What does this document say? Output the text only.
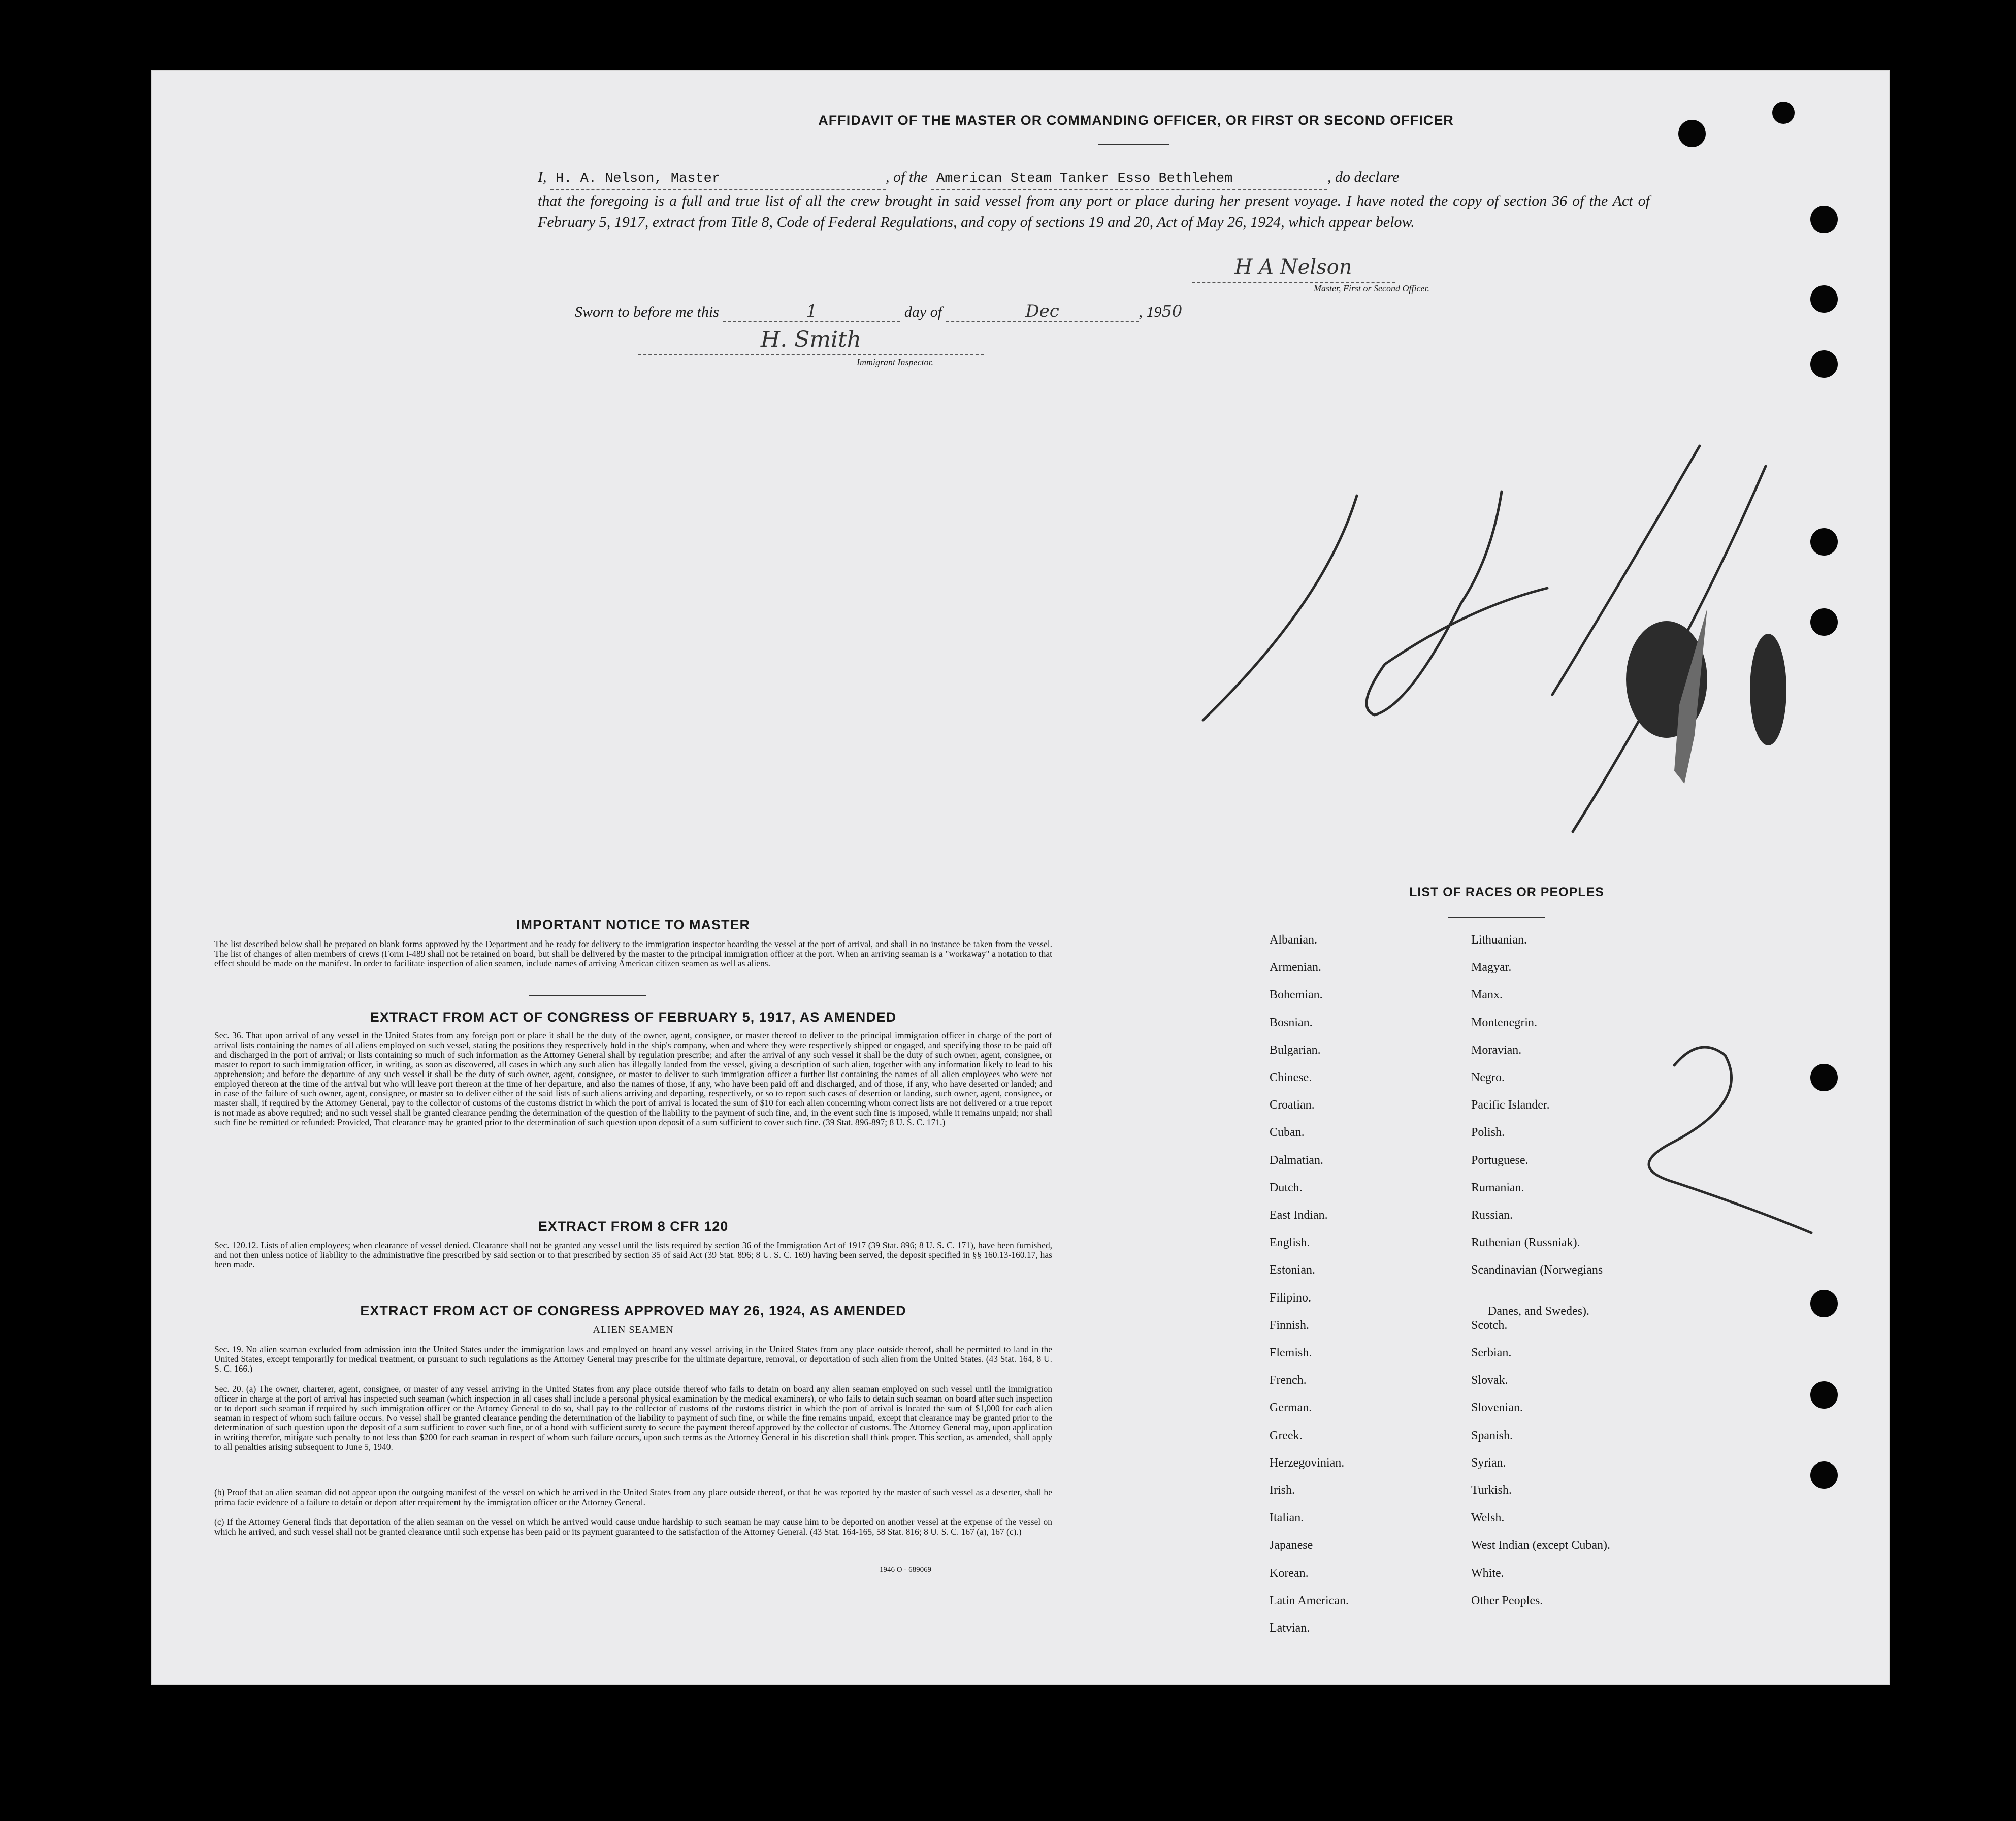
AFFIDAVIT OF THE MASTER OR COMMANDING OFFICER, OR FIRST OR SECOND OFFICER
I, H. A. Nelson, Master	, of the American Steam Tanker Esso Bethlehem	, do declare
that the foregoing is a full and true list of all the crew brought in said vessel from any port or place during her present voyage. I have noted the copy of section 36 of the Act of February 5, 1917, extract from Title 8, Code of Federal Regulations, and copy of sections 19 and 20, Act of May 26, 1924, which appear below.
H A Nelson
Master, First or Second Officer.
Sworn to before me this	1	day of	Dec	, 1950
H. Smith
Immigrant Inspector.
IMPORTANT NOTICE TO MASTER
The list described below shall be prepared on blank forms approved by the Department and be ready for delivery to the immigration inspector boarding the vessel at the port of arrival, and shall in no instance be taken from the vessel. The list of changes of alien members of crews (Form I-489 shall not be retained on board, but shall be delivered by the master to the principal immigration officer at the port. When an arriving seaman is a "workaway" a notation to that effect should be made on the manifest. In order to facilitate inspection of alien seamen, include names of arriving American citizen seamen as well as aliens.
EXTRACT FROM ACT OF CONGRESS OF FEBRUARY 5, 1917, AS AMENDED
Sec. 36. That upon arrival of any vessel in the United States from any foreign port or place it shall be the duty of the owner, agent, consignee, or master thereof to deliver to the principal immigration officer in charge of the port of arrival lists containing the names of all aliens employed on such vessel, stating the positions they respectively hold in the ship's company, when and where they were respectively shipped or engaged, and specifying those to be paid off and discharged in the port of arrival; or lists containing so much of such information as the Attorney General shall by regulation prescribe; and after the arrival of any such vessel it shall be the duty of such owner, agent, consignee, or master to report to such immigration officer, in writing, as soon as discovered, all cases in which any such alien has illegally landed from the vessel, giving a description of such alien, together with any information likely to lead to his apprehension; and before the departure of any such vessel it shall be the duty of such owner, agent, consignee, or master to deliver to such immigration officer a further list containing the names of all alien employees who were not employed thereon at the time of the arrival but who will leave port thereon at the time of her departure, and also the names of those, if any, who have been paid off and discharged, and of those, if any, who have deserted or landed; and in case of the failure of such owner, agent, consignee, or master so to deliver either of the said lists of such aliens arriving and departing, respectively, or so to report such cases of desertion or landing, such owner, agent, consignee, or master shall, if required by the Attorney General, pay to the collector of customs of the customs district in which the port of arrival is located the sum of $10 for each alien concerning whom correct lists are not delivered or a true report is not made as above required; and no such vessel shall be granted clearance pending the determination of the question of the liability to the payment of such fine, and, in the event such fine is imposed, while it remains unpaid; nor shall such fine be remitted or refunded: Provided, That clearance may be granted prior to the determination of such question upon deposit of a sum sufficient to cover such fine. (39 Stat. 896-897; 8 U. S. C. 171.)
EXTRACT FROM 8 CFR 120
Sec. 120.12. Lists of alien employees; when clearance of vessel denied. Clearance shall not be granted any vessel until the lists required by section 36 of the Immigration Act of 1917 (39 Stat. 896; 8 U. S. C. 171), have been furnished, and not then unless notice of liability to the administrative fine prescribed by said section or to that prescribed by section 35 of said Act (39 Stat. 896; 8 U. S. C. 169) having been served, the deposit specified in §§ 160.13-160.17, has been made.
EXTRACT FROM ACT OF CONGRESS APPROVED MAY 26, 1924, AS AMENDED
ALIEN SEAMEN
Sec. 19. No alien seaman excluded from admission into the United States under the immigration laws and employed on board any vessel arriving in the United States from any place outside thereof, shall be permitted to land in the United States, except temporarily for medical treatment, or pursuant to such regulations as the Attorney General may prescribe for the ultimate departure, removal, or deportation of such alien from the United States. (43 Stat. 164, 8 U. S. C. 166.)
Sec. 20. (a) The owner, charterer, agent, consignee, or master of any vessel arriving in the United States from any place outside thereof who fails to detain on board any alien seaman employed on such vessel until the immigration officer in charge at the port of arrival has inspected such seaman (which inspection in all cases shall include a personal physical examination by the medical examiners), or who fails to detain such seaman on board after such inspection or to deport such seaman if required by such immigration officer or the Attorney General to do so, shall pay to the collector of customs of the customs district in which the port of arrival is located the sum of $1,000 for each alien seaman in respect of whom such failure occurs. No vessel shall be granted clearance pending the determination of the liability to payment of such fine, or while the fine remains unpaid, except that clearance may be granted prior to the determination of such question upon the deposit of a sum sufficient to cover such fine, or of a bond with sufficient surety to secure the payment thereof approved by the collector of customs. The Attorney General may, upon application in writing therefor, mitigate such penalty to not less than $200 for each seaman in respect of whom such failure occurs, upon such terms as the Attorney General in his discretion shall think proper. This section, as amended, shall apply to all penalties arising subsequent to June 5, 1940.
(b) Proof that an alien seaman did not appear upon the outgoing manifest of the vessel on which he arrived in the United States from any place outside thereof, or that he was reported by the master of such vessel as a deserter, shall be prima facie evidence of a failure to detain or deport after requirement by the immigration officer or the Attorney General.
(c) If the Attorney General finds that deportation of the alien seaman on the vessel on which he arrived would cause undue hardship to such seaman he may cause him to be deported on another vessel at the expense of the vessel on which he arrived, and such vessel shall not be granted clearance until such expense has been paid or its payment guaranteed to the satisfaction of the Attorney General. (43 Stat. 164-165, 58 Stat. 816; 8 U. S. C. 167 (a), 167 (c).)
1946 O - 689069
LIST OF RACES OR PEOPLES
Albanian.
Armenian.
Bohemian.
Bosnian.
Bulgarian.
Chinese.
Croatian.
Cuban.
Dalmatian.
Dutch.
East Indian.
English.
Estonian.
Filipino.
Finnish.
Flemish.
French.
German.
Greek.
Herzegovinian.
Irish.
Italian.
Japanese
Korean.
Latin American.
Latvian.
Lithuanian.
Magyar.
Manx.
Montenegrin.
Moravian.
Negro.
Pacific Islander.
Polish.
Portuguese.
Rumanian.
Russian.
Ruthenian (Russniak).
Scandinavian (Norwegians
Danes, and Swedes).
Scotch.
Serbian.
Slovak.
Slovenian.
Spanish.
Syrian.
Turkish.
Welsh.
West Indian (except Cuban).
White.
Other Peoples.
